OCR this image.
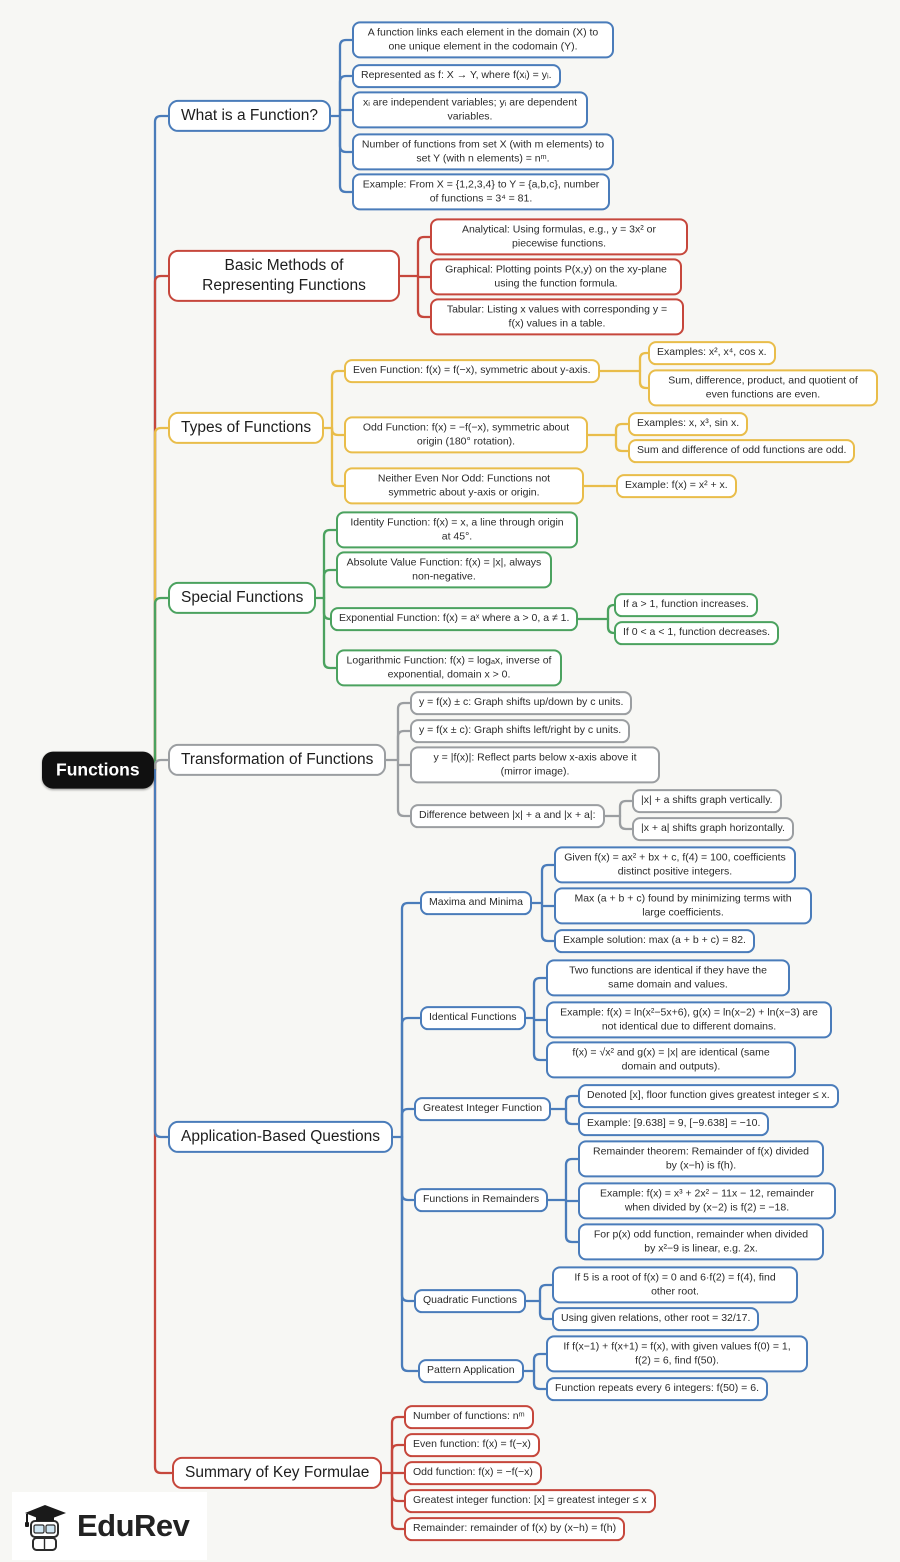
EduRev
Functions
What is a Function?
Basic Methods of Representing Functions
Types of Functions
Special Functions
Transformation of Functions
Summary of Key Formulae
Application-Based Questions
A function links each element in the domain (X) to one unique element in the codomain (Y).
Represented as f: X → Y, where f(xᵢ) = yᵢ.
xᵢ are independent variables; yᵢ are dependent variables.
Number of functions from set X (with m elements) to set Y (with n elements) = nᵐ.
Example: From X = {1,2,3,4} to Y = {a,b,c}, number of functions = 3⁴ = 81.
Analytical: Using formulas, e.g., y = 3x² or piecewise functions.
Graphical: Plotting points P(x,y) on the xy-plane using the function formula.
Tabular: Listing x values with corresponding y = f(x) values in a table.
Even Function: f(x) = f(−x), symmetric about y-axis.
Odd Function: f(x) = −f(−x), symmetric about origin (180° rotation).
Neither Even Nor Odd: Functions not symmetric about y-axis or origin.
Examples: x², x⁴, cos x.
Sum, difference, product, and quotient of even functions are even.
Examples: x, x³, sin x.
Sum and difference of odd functions are odd.
Example: f(x) = x² + x.
Identity Function: f(x) = x, a line through origin at 45°.
Absolute Value Function: f(x) = |x|, always non-negative.
Exponential Function: f(x) = aˣ where a > 0, a ≠ 1.
Logarithmic Function: f(x) = logₐx, inverse of exponential, domain x > 0.
If a > 1, function increases.
If 0 < a < 1, function decreases.
y = f(x) ± c: Graph shifts up/down by c units.
y = f(x ± c): Graph shifts left/right by c units.
y = |f(x)|: Reflect parts below x-axis above it (mirror image).
Difference between |x| + a and |x + a|:
|x| + a shifts graph vertically.
|x + a| shifts graph horizontally.
Maxima and Minima
Given f(x) = ax² + bx + c, f(4) = 100, coefficients distinct positive integers.
Max (a + b + c) found by minimizing terms with large coefficients.
Example solution: max (a + b + c) = 82.
Identical Functions
Two functions are identical if they have the same domain and values.
Example: f(x) = ln(x²−5x+6), g(x) = ln(x−2) + ln(x−3) are not identical due to different domains.
f(x) = √x² and g(x) = |x| are identical (same domain and outputs).
Greatest Integer Function
Denoted [x], floor function gives greatest integer ≤ x.
Example: [9.638] = 9, [−9.638] = −10.
Functions in Remainders
Remainder theorem: Remainder of f(x) divided by (x−h) is f(h).
Example: f(x) = x³ + 2x² − 11x − 12, remainder when divided by (x−2) is f(2) = −18.
For p(x) odd function, remainder when divided by x²−9 is linear, e.g. 2x.
Quadratic Functions
If 5 is a root of f(x) = 0 and 6·f(2) = f(4), find other root.
Using given relations, other root = 32/17.
Pattern Application
If f(x−1) + f(x+1) = f(x), with given values f(0) = 1, f(2) = 6, find f(50).
Function repeats every 6 integers: f(50) = 6.
Number of functions: nᵐ
Even function: f(x) = f(−x)
Odd function: f(x) = −f(−x)
Greatest integer function: [x] = greatest integer ≤ x
Remainder: remainder of f(x) by (x−h) = f(h)
